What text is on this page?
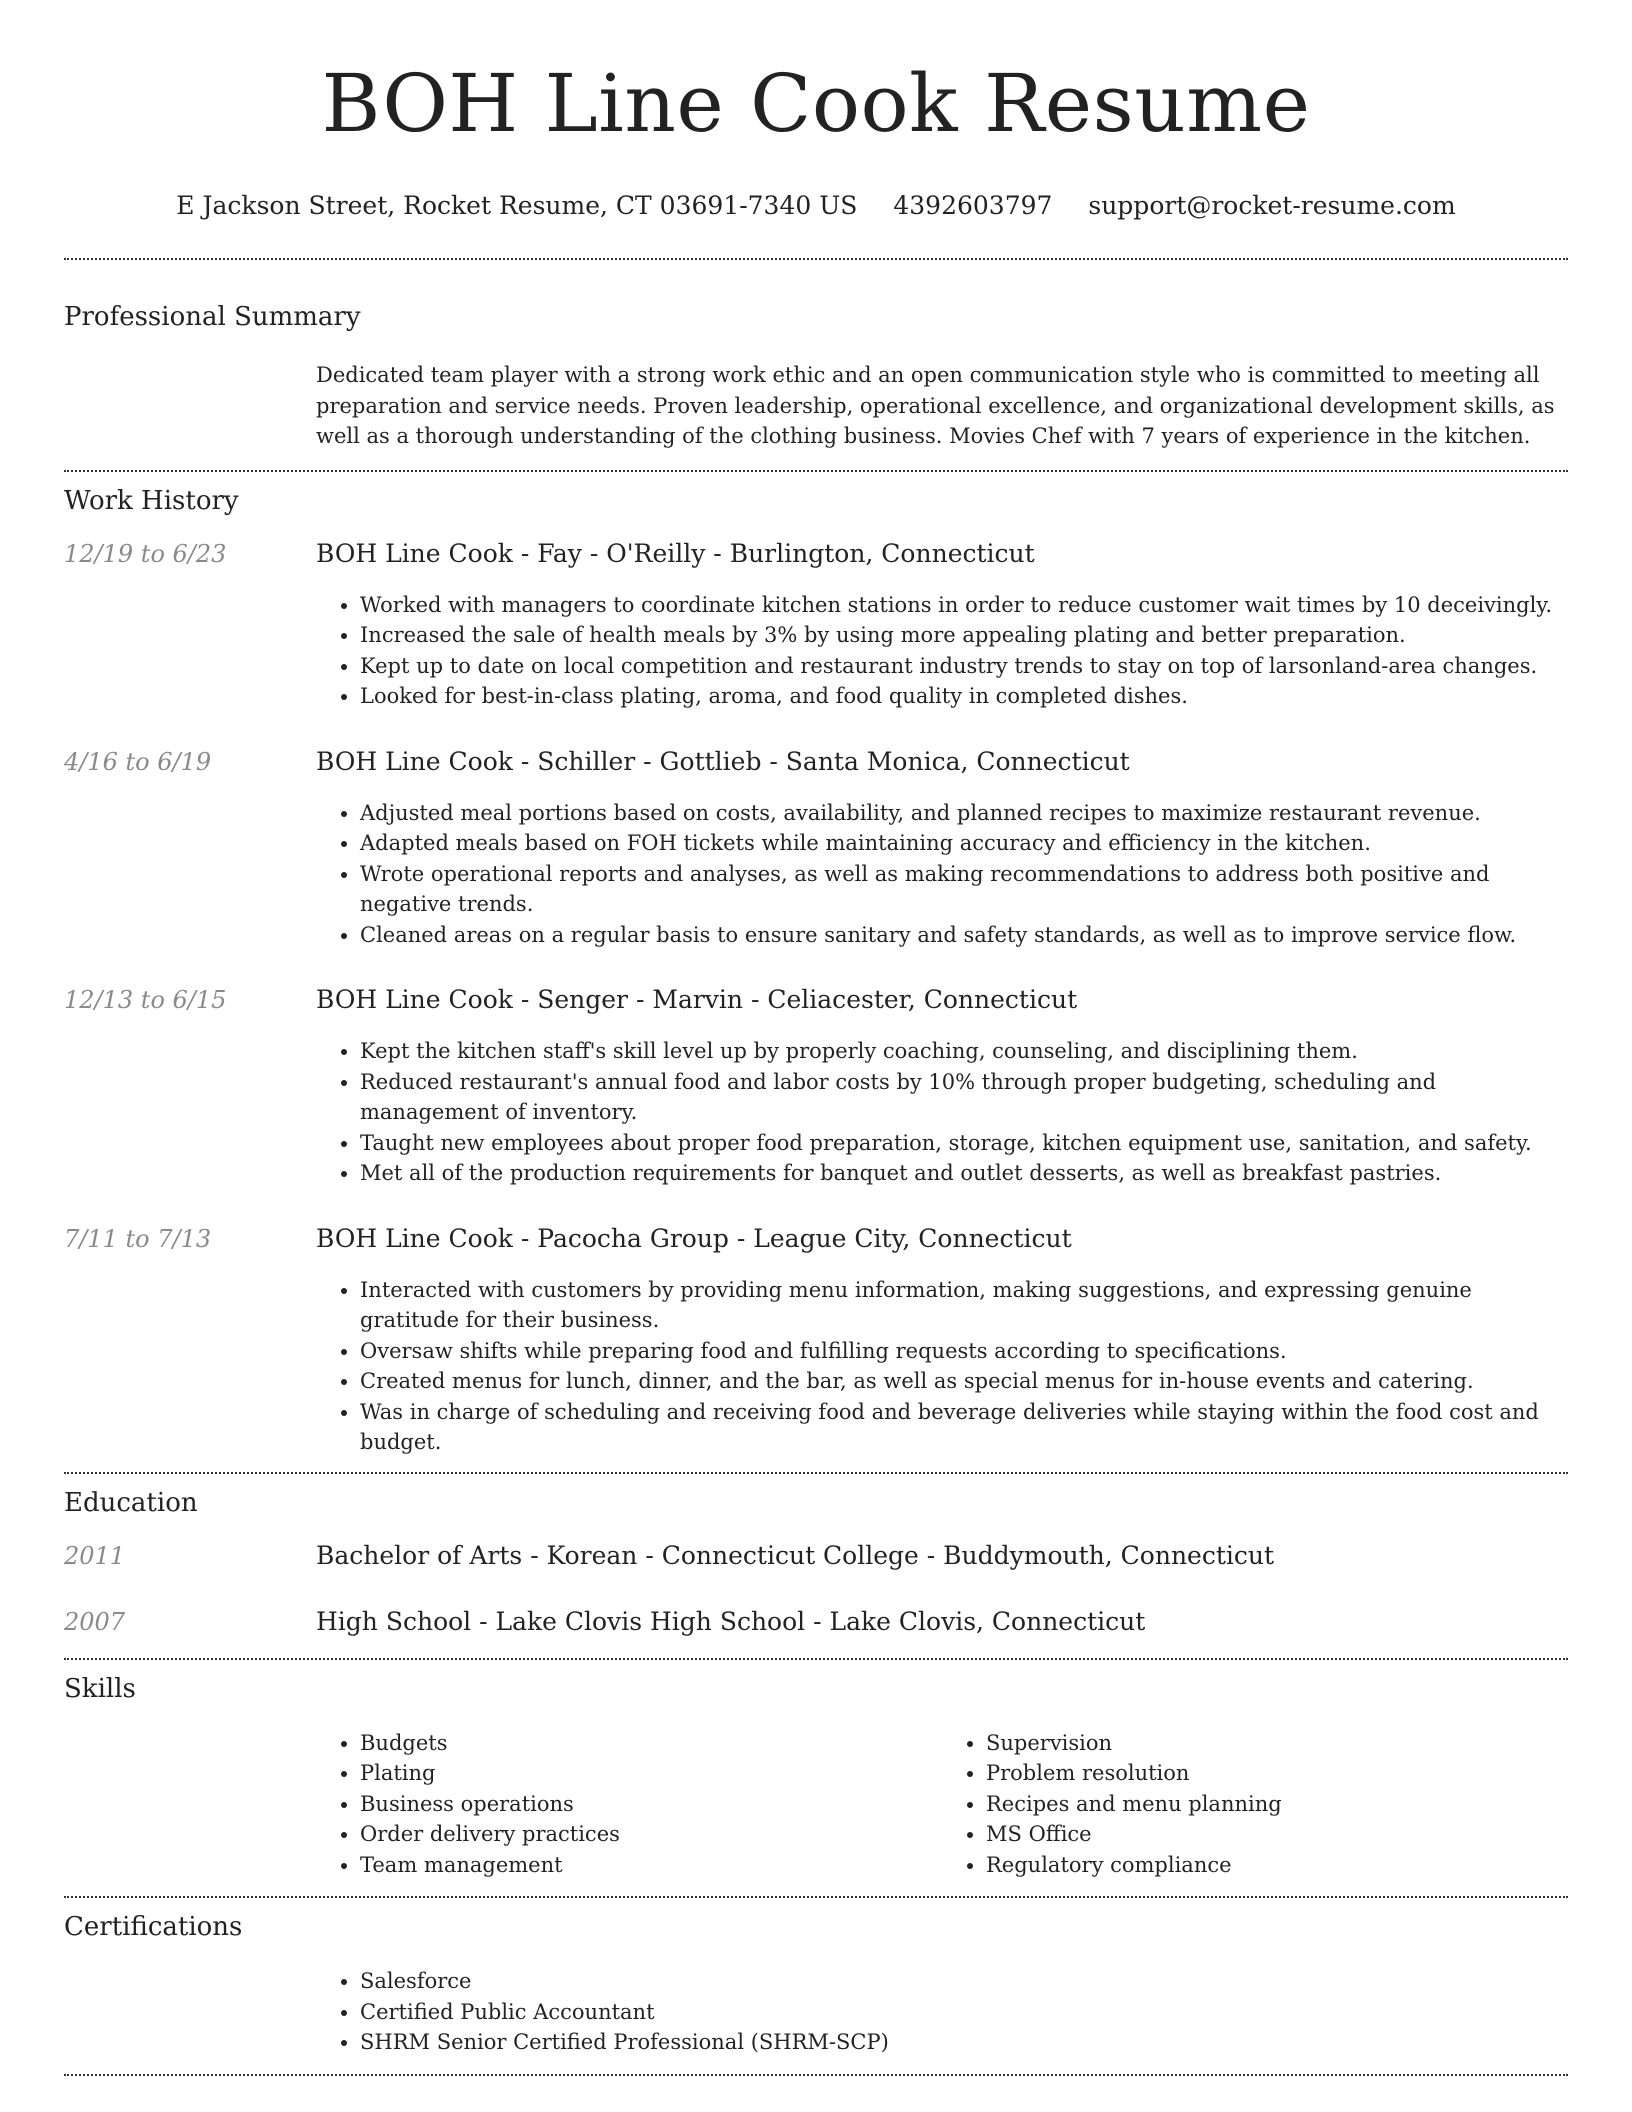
BOH Line Cook Resume
E Jackson Street, Rocket Resume, CT 03691-7340 US 4392603797 support@rocket-resume.com
Professional Summary

Dedicated team player with a strong work ethic and an open communication style who is committed to meeting all preparation and service needs. Proven leadership, operational excellence, and organizational development skills, as well as a thorough understanding of the clothing business. Movies Chef with 7 years of experience in the kitchen.

Work History
12/19 to 6/23	BOH Line Cook - Fay - O'Reilly - Burlington, Connecticut
• Worked with managers to coordinate kitchen stations in order to reduce customer wait times by 10 deceivingly.
• Increased the sale of health meals by 3% by using more appealing plating and better preparation.
• Kept up to date on local competition and restaurant industry trends to stay on top of larsonland-area changes.
• Looked for best-in-class plating, aroma, and food quality in completed dishes.
4/16 to 6/19	BOH Line Cook - Schiller - Gottlieb - Santa Monica, Connecticut
• Adjusted meal portions based on costs, availability, and planned recipes to maximize restaurant revenue.
• Adapted meals based on FOH tickets while maintaining accuracy and efficiency in the kitchen.
• Wrote operational reports and analyses, as well as making recommendations to address both positive and negative trends.
• Cleaned areas on a regular basis to ensure sanitary and safety standards, as well as to improve service flow.
12/13 to 6/15	BOH Line Cook - Senger - Marvin - Celiacester, Connecticut
• Kept the kitchen staff's skill level up by properly coaching, counseling, and disciplining them.
• Reduced restaurant's annual food and labor costs by 10% through proper budgeting, scheduling and management of inventory.
• Taught new employees about proper food preparation, storage, kitchen equipment use, sanitation, and safety.
• Met all of the production requirements for banquet and outlet desserts, as well as breakfast pastries.
7/11 to 7/13	BOH Line Cook - Pacocha Group - League City, Connecticut
• Interacted with customers by providing menu information, making suggestions, and expressing genuine gratitude for their business.
• Oversaw shifts while preparing food and fulfilling requests according to specifications.
• Created menus for lunch, dinner, and the bar, as well as special menus for in-house events and catering.
• Was in charge of scheduling and receiving food and beverage deliveries while staying within the food cost and budget.
Education
2011	Bachelor of Arts - Korean - Connecticut College - Buddymouth, Connecticut
2007	High School - Lake Clovis High School - Lake Clovis, Connecticut
Skills
• Budgets
• Plating
• Business operations
• Order delivery practices
• Team management
• Supervision
• Problem resolution
• Recipes and menu planning
• MS Office
• Regulatory compliance
Certifications
• Salesforce
• Certified Public Accountant
• SHRM Senior Certified Professional (SHRM-SCP)
